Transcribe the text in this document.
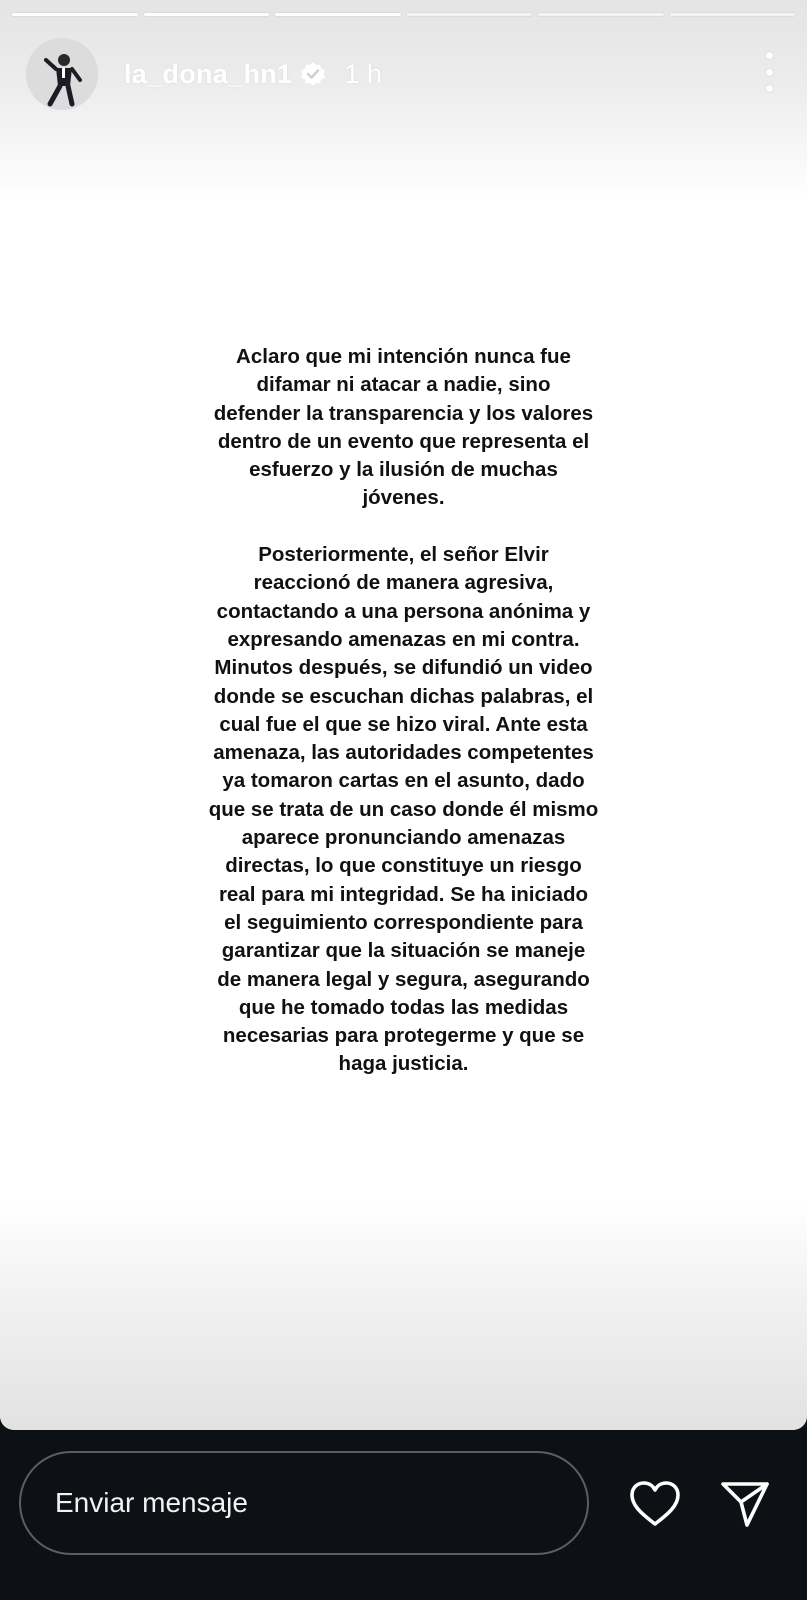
la_dona_hn1 1 h
Aclaro que mi intención nunca fue
difamar ni atacar a nadie, sino
defender la transparencia y los valores
dentro de un evento que representa el
esfuerzo y la ilusión de muchas
jóvenes.

Posteriormente, el señor Elvir
reaccionó de manera agresiva,
contactando a una persona anónima y
expresando amenazas en mi contra.
Minutos después, se difundió un video
donde se escuchan dichas palabras, el
cual fue el que se hizo viral. Ante esta
amenaza, las autoridades competentes
ya tomaron cartas en el asunto, dado
que se trata de un caso donde él mismo
aparece pronunciando amenazas
directas, lo que constituye un riesgo
real para mi integridad. Se ha iniciado
el seguimiento correspondiente para
garantizar que la situación se maneje
de manera legal y segura, asegurando
que he tomado todas las medidas
necesarias para protegerme y que se
haga justicia.
Enviar mensaje
